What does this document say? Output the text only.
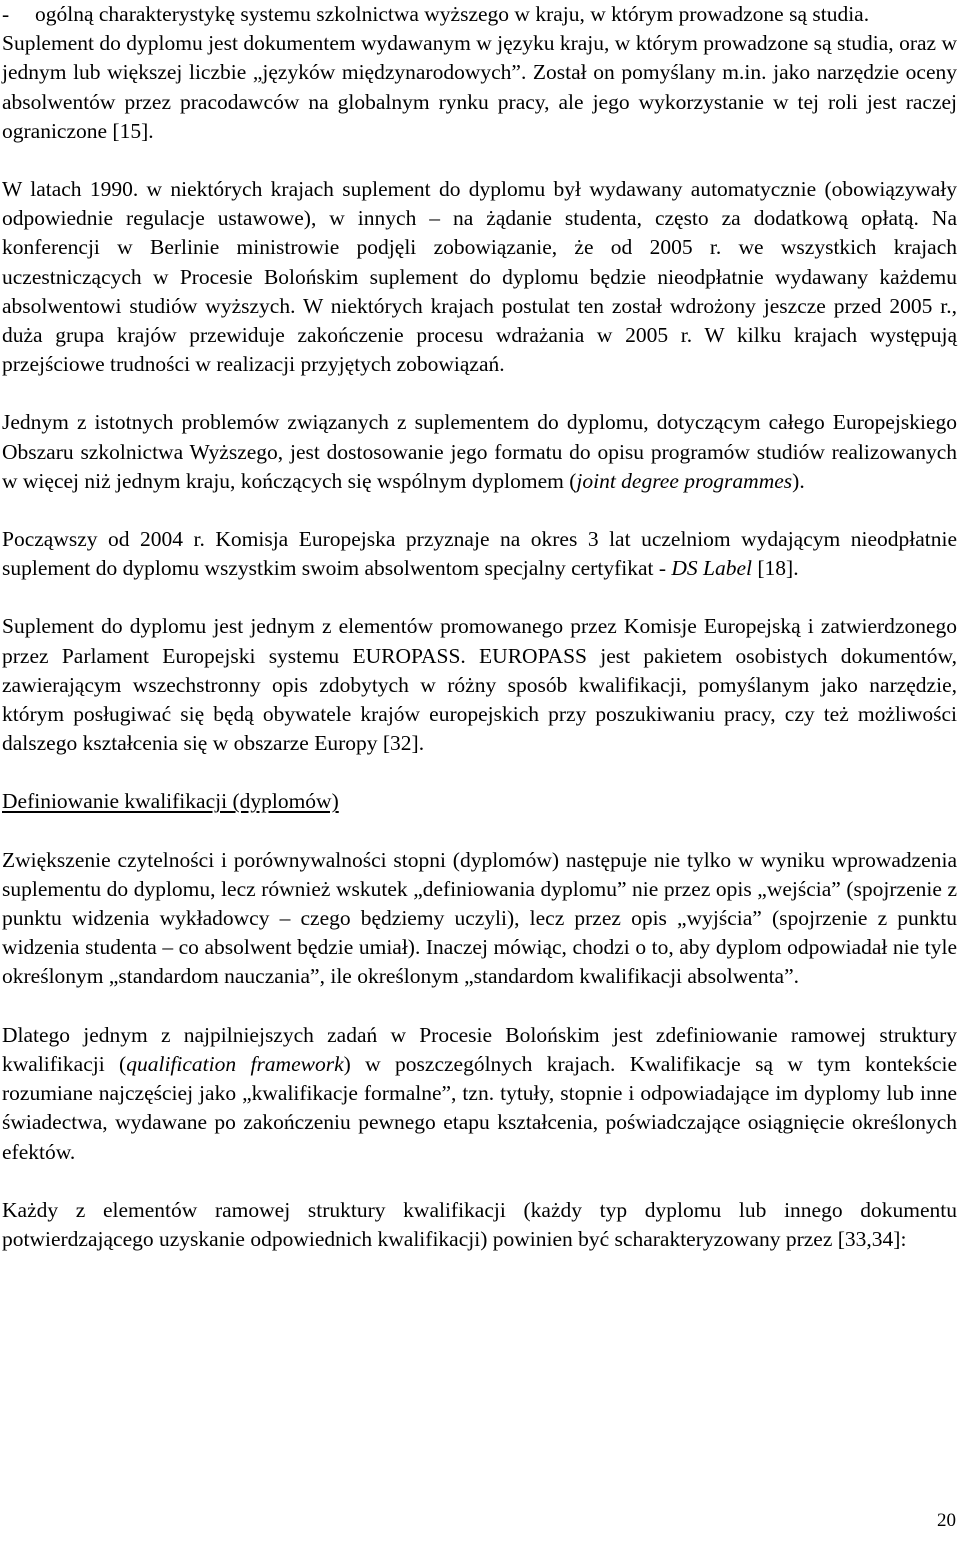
- ogólną charakterystykę systemu szkolnictwa wyższego w kraju, w którym prowadzone są studia.

Suplement do dyplomu jest dokumentem wydawanym w języku kraju, w którym prowadzone są studia, oraz w jednym lub większej liczbie „języków międzynarodowych”. Został on pomyślany m.in. jako narzędzie oceny absolwentów przez pracodawców na globalnym rynku pracy, ale jego wykorzystanie w tej roli jest raczej ograniczone [15].

W latach 1990. w niektórych krajach suplement do dyplomu był wydawany automatycznie (obowiązywały odpowiednie regulacje ustawowe), w innych – na żądanie studenta, często za dodatkową opłatą. Na konferencji w Berlinie ministrowie podjęli zobowiązanie, że od 2005 r. we wszystkich krajach uczestniczących w Procesie Bolońskim suplement do dyplomu będzie nieodpłatnie wydawany każdemu absolwentowi studiów wyższych. W niektórych krajach postulat ten został wdrożony jeszcze przed 2005 r., duża grupa krajów przewiduje zakończenie procesu wdrażania w 2005 r. W kilku krajach występują przejściowe trudności w realizacji przyjętych zobowiązań.

Jednym z istotnych problemów związanych z suplementem do dyplomu, dotyczącym całego Europejskiego Obszaru szkolnictwa Wyższego, jest dostosowanie jego formatu do opisu programów studiów realizowanych w więcej niż jednym kraju, kończących się wspólnym dyplomem (joint degree programmes).

Począwszy od 2004 r. Komisja Europejska przyznaje na okres 3 lat uczelniom wydającym nieodpłatnie suplement do dyplomu wszystkim swoim absolwentom specjalny certyfikat - DS Label [18].

Suplement do dyplomu jest jednym z elementów promowanego przez Komisje Europejską i zatwierdzonego przez Parlament Europejski systemu EUROPASS. EUROPASS jest pakietem osobistych dokumentów, zawierającym wszechstronny opis zdobytych w różny sposób kwalifikacji, pomyślanym jako narzędzie, którym posługiwać się będą obywatele krajów europejskich przy poszukiwaniu pracy, czy też możliwości dalszego kształcenia się w obszarze Europy [32].

Definiowanie kwalifikacji (dyplomów)

Zwiększenie czytelności i porównywalności stopni (dyplomów) następuje nie tylko w wyniku wprowadzenia suplementu do dyplomu, lecz również wskutek „definiowania dyplomu” nie przez opis „wejścia” (spojrzenie z punktu widzenia wykładowcy – czego będziemy uczyli), lecz przez opis „wyjścia” (spojrzenie z punktu widzenia studenta – co absolwent będzie umiał). Inaczej mówiąc, chodzi o to, aby dyplom odpowiadał nie tyle określonym „standardom nauczania”, ile określonym „standardom kwalifikacji absolwenta”.

Dlatego jednym z najpilniejszych zadań w Procesie Bolońskim jest zdefiniowanie ramowej struktury kwalifikacji (qualification framework) w poszczególnych krajach. Kwalifikacje są w tym kontekście rozumiane najczęściej jako „kwalifikacje formalne”, tzn. tytuły, stopnie i odpowiadające im dyplomy lub inne świadectwa, wydawane po zakończeniu pewnego etapu kształcenia, poświadczające osiągnięcie określonych efektów.

Każdy z elementów ramowej struktury kwalifikacji (każdy typ dyplomu lub innego dokumentu potwierdzającego uzyskanie odpowiednich kwalifikacji) powinien być scharakteryzowany przez [33,34]:

20
